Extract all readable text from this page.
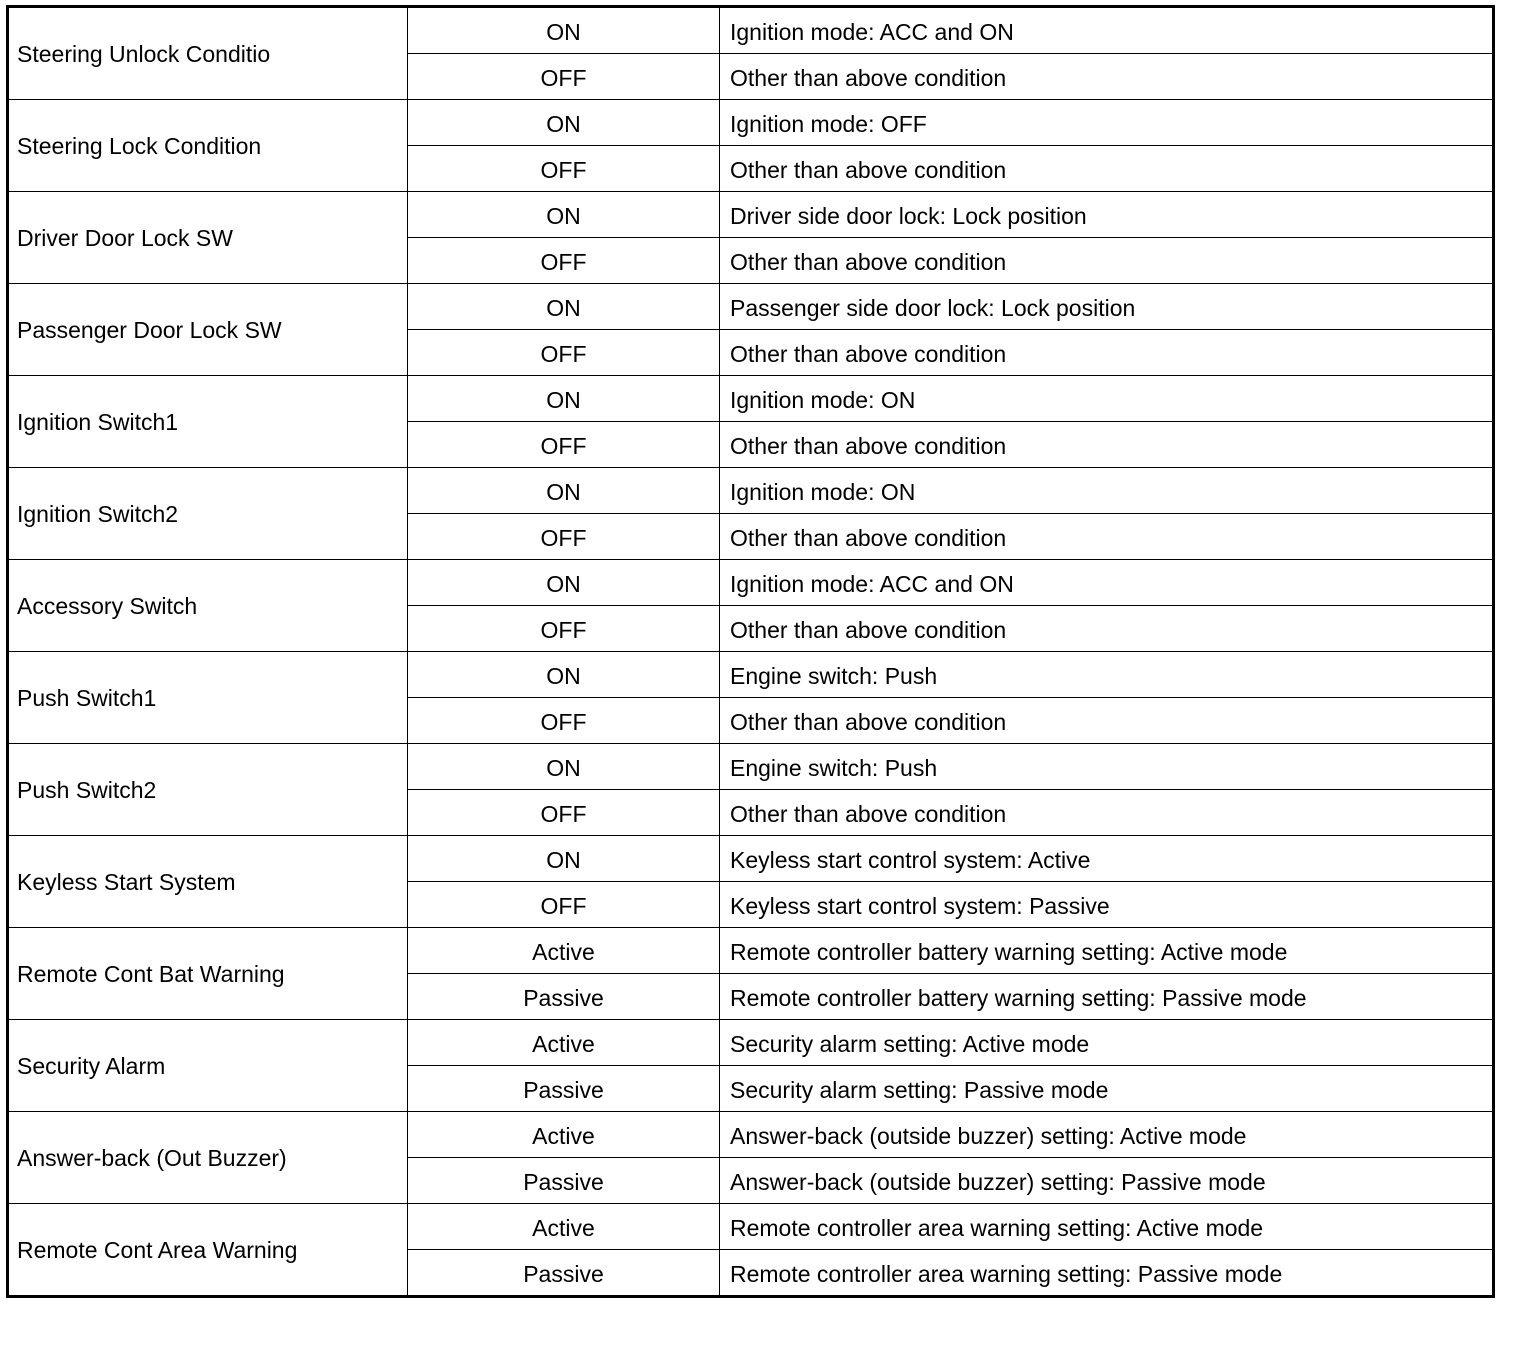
Steering Unlock Conditio	ON	Ignition mode: ACC and ON
	OFF	Other than above condition
Steering Lock Condition	ON	Ignition mode: OFF
	OFF	Other than above condition
Driver Door Lock SW	ON	Driver side door lock: Lock position
	OFF	Other than above condition
Passenger Door Lock SW	ON	Passenger side door lock: Lock position
	OFF	Other than above condition
Ignition Switch1	ON	Ignition mode: ON
	OFF	Other than above condition
Ignition Switch2	ON	Ignition mode: ON
	OFF	Other than above condition
Accessory Switch	ON	Ignition mode: ACC and ON
	OFF	Other than above condition
Push Switch1	ON	Engine switch: Push
	OFF	Other than above condition
Push Switch2	ON	Engine switch: Push
	OFF	Other than above condition
Keyless Start System	ON	Keyless start control system: Active
	OFF	Keyless start control system: Passive
Remote Cont Bat Warning	Active	Remote controller battery warning setting: Active mode
	Passive	Remote controller battery warning setting: Passive mode
Security Alarm	Active	Security alarm setting: Active mode
	Passive	Security alarm setting: Passive mode
Answer-back (Out Buzzer)	Active	Answer-back (outside buzzer) setting: Active mode
	Passive	Answer-back (outside buzzer) setting: Passive mode
Remote Cont Area Warning	Active	Remote controller area warning setting: Active mode
	Passive	Remote controller area warning setting: Passive mode
